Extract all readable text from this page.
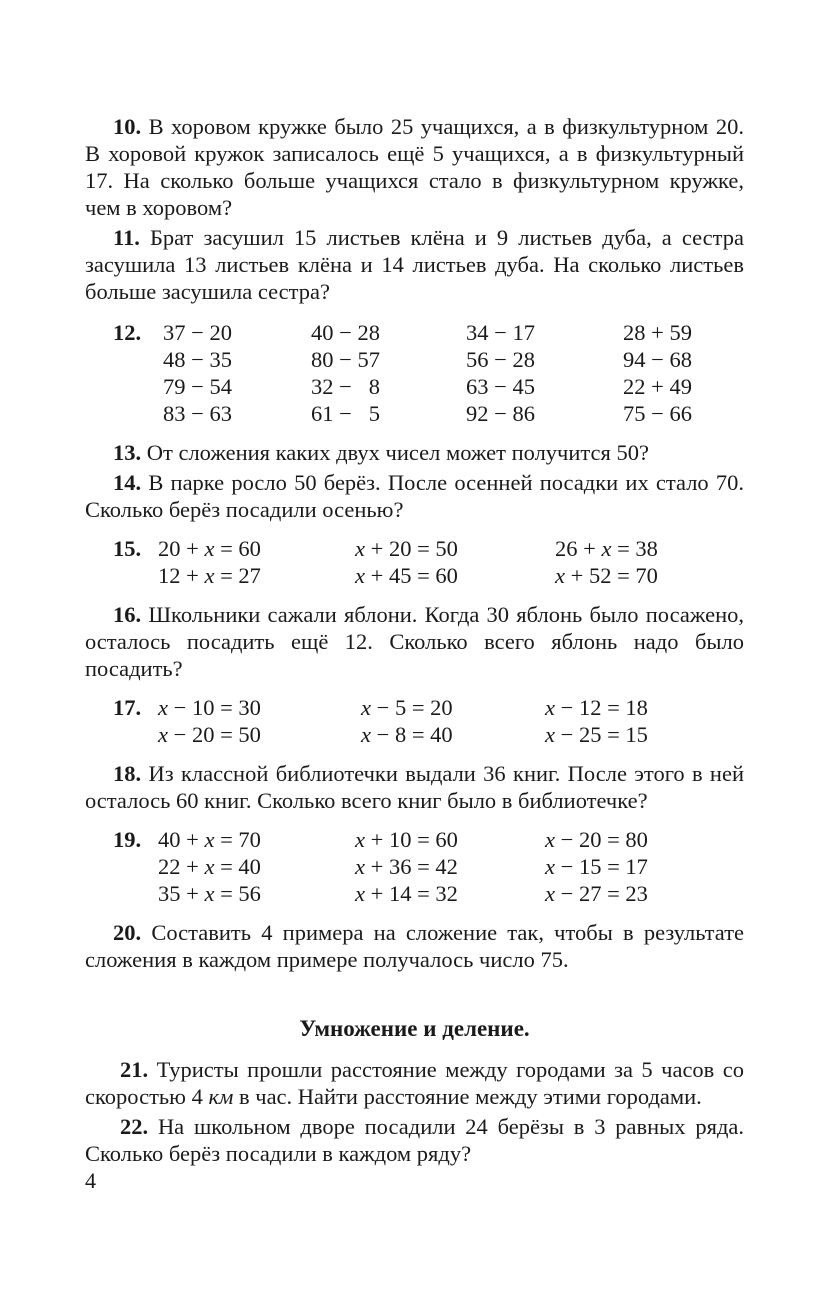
10. В хоровом кружке было 25 учащихся, а в физкультурном 20. В хоровой кружок записалось ещё 5 учащихся, а в физкультурный 17. На сколько больше учащихся стало в физкультурном кружке, чем в хоровом?

11. Брат засушил 15 листьев клёна и 9 листьев дуба, а сестра засушила 13 листьев клёна и 14 листьев дуба. На сколько листьев больше засушила сестра?

12. 37 − 20	40 − 28	34 − 17	28 + 59
48 − 35	80 − 57	56 − 28	94 − 68
79 − 54	32 −   8	63 − 45	22 + 49
83 − 63	61 −   5	92 − 86	75 − 66

13. От сложения каких двух чисел может получится 50?

14. В парке росло 50 берёз. После осенней посадки их стало 70. Сколько берёз посадили осенью?

15. 20 + x = 60	x + 20 = 50	26 + x = 38
12 + x = 27	x + 45 = 60	x + 52 = 70

16. Школьники сажали яблони. Когда 30 яблонь было посажено, осталось посадить ещё 12. Сколько всего яблонь надо было посадить?

17. x − 10 = 30	x − 5 = 20	x − 12 = 18
x − 20 = 50	x − 8 = 40	x − 25 = 15

18. Из классной библиотечки выдали 36 книг. После этого в ней осталось 60 книг. Сколько всего книг было в библиотечке?

19. 40 + x = 70	x + 10 = 60	x − 20 = 80
22 + x = 40	x + 36 = 42	x − 15 = 17
35 + x = 56	x + 14 = 32	x − 27 = 23

20. Составить 4 примера на сложение так, чтобы в результате сложения в каждом примере получалось число 75.

Умножение и деление.

21. Туристы прошли расстояние между городами за 5 часов со скоростью 4 км в час. Найти расстояние между этими городами.

22. На школьном дворе посадили 24 берёзы в 3 равных ряда. Сколько берёз посадили в каждом ряду?

4
